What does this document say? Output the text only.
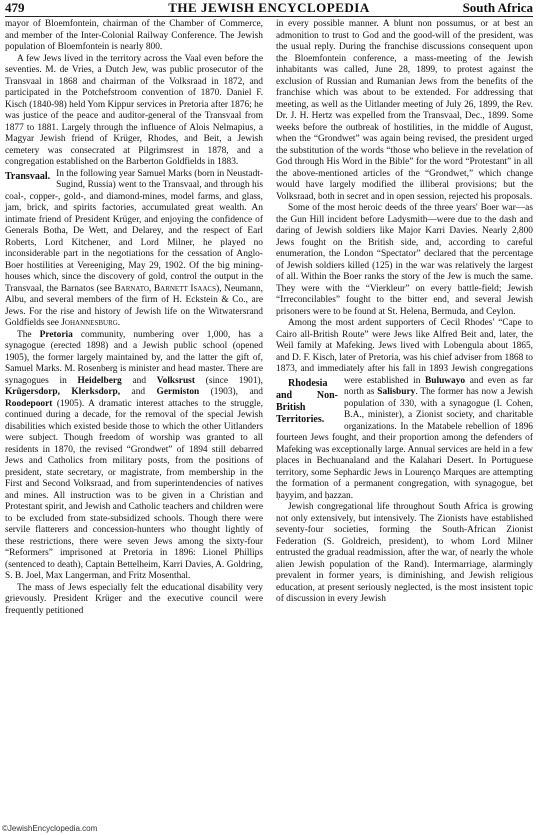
479	THE JEWISH ENCYCLOPEDIA	South Africa

mayor of Bloemfontein, chairman of the Chamber of Commerce, and member of the Inter-Colonial Railway Conference. The Jewish population of Bloemfontein is nearly 800.

A few Jews lived in the territory across the Vaal even before the seventies. M. de Vries, a Dutch Jew, was public prosecutor of the Transvaal in 1868 and chairman of the Volksraad in 1872, and participated in the Potchefstroom convention of 1870. Daniel F. Kisch (1840-98) held Yom Kippur services in Pretoria after 1876; he was justice of the peace and auditor-general of the Transvaal from 1877 to 1881. Largely through the influence of Alois Nelmapius, a Magyar Jewish friend of Krüger, Rhodes, and Beit, a Jewish cemetery was consecrated at Pilgrimsrest in 1878, and a congregation established on the Barberton Goldfields in 1883.

Transvaal. In the following year Samuel Marks (born in Neustadt-Sugind, Russia) went to the Transvaal, and through his coal-, copper-, gold-, and diamond-mines, model farms, and glass, jam, brick, and spirits factories, accumulated great wealth. An intimate friend of President Krüger, and enjoying the confidence of Generals Botha, De Wett, and Delarey, and the respect of Earl Roberts, Lord Kitchener, and Lord Milner, he played no inconsiderable part in the negotiations for the cessation of Anglo-Boer hostilities at Vereeniging, May 29, 1902. Of the big mining-houses which, since the discovery of gold, control the output in the Transvaal, the Barnatos (see Barnato, Barnett Isaacs), Neumann, Albu, and several members of the firm of H. Eckstein & Co., are Jews. For the rise and history of Jewish life on the Witwatersrand Goldfields see Johannesburg.

The Pretoria community, numbering over 1,000, has a synagogue (erected 1898) and a Jewish public school (opened 1905), the former largely maintained by, and the latter the gift of, Samuel Marks. M. Rosenberg is minister and head master. There are synagogues in Heidelberg and Volksrust (since 1901), Krügersdorp, Klerksdorp, and Germiston (1903), and Roodepoort (1905). A dramatic interest attaches to the struggle, continued during a decade, for the removal of the special Jewish disabilities which existed beside those to which the other Uitlanders were subject. Though freedom of worship was granted to all residents in 1870, the revised “Grondwet” of 1894 still debarred Jews and Catholics from military posts, from the positions of president, state secretary, or magistrate, from membership in the First and Second Volksraad, and from superintendencies of natives and mines. All instruction was to be given in a Christian and Protestant spirit, and Jewish and Catholic teachers and children were to be excluded from state-subsidized schools. Though there were servile flatterers and concession-hunters who thought lightly of these restrictions, there were seven Jews among the sixty-four “Reformers” imprisoned at Pretoria in 1896: Lionel Phillips (sentenced to death), Captain Bettelheim, Karri Davies, A. Goldring, S. B. Joel, Max Langerman, and Fritz Mosenthal.

The mass of Jews especially felt the educational disability very grievously. President Krüger and the executive council were frequently petitioned

in every possible manner. A blunt non possumus, or at best an admonition to trust to God and the good-will of the president, was the usual reply. During the franchise discussions consequent upon the Bloemfontein conference, a mass-meeting of the Jewish inhabitants was called, June 28, 1899, to protest against the exclusion of Russian and Rumanian Jews from the benefits of the franchise which was about to be extended. For addressing that meeting, as well as the Uitlander meeting of July 26, 1899, the Rev. Dr. J. H. Hertz was expelled from the Transvaal, Dec., 1899. Some weeks before the outbreak of hostilities, in the middle of August, when the “Grondwet” was again being revised, the president urged the substitution of the words “those who believe in the revelation of God through His Word in the Bible” for the word “Protestant” in all the above-mentioned articles of the “Grondwet,” which change would have largely modified the illiberal provisions; but the Volksraad, both in secret and in open session, rejected his proposals.

Some of the most heroic deeds of the three years' Boer war—as the Gun Hill incident before Ladysmith—were due to the dash and daring of Jewish soldiers like Major Karri Davies. Nearly 2,800 Jews fought on the British side, and, according to careful enumeration, the London “Spectator” declared that the percentage of Jewish soldiers killed (125) in the war was relatively the largest of all. Within the Boer ranks the story of the Jew is much the same. They were with the “Vierkleur” on every battle-field; Jewish “Irreconcilables” fought to the bitter end, and several Jewish prisoners were to be found at St. Helena, Bermuda, and Ceylon.

Among the most ardent supporters of Cecil Rhodes' “Cape to Cairo all-British Route” were Jews like Alfred Beit and, later, the Weil family at Mafeking. Jews lived with Lobengula about 1865, and D. F. Kisch, later of Pretoria, was his chief adviser from 1868 to 1873, and immediately after his fall in 1893 Jewish congregations were established in
Rhodesia and Non-British Territories.
Buluwayo and even as far north as Salisbury. The former has now a Jewish population of 330, with a synagogue (I. Cohen, B.A., minister), a Zionist society, and charitable organizations. In the Matabele rebellion of 1896 fourteen Jews fought, and their proportion among the defenders of Mafeking was exceptionally large. Annual services are held in a few places in Bechuanaland and the Kalahari Desert. In Portuguese territory, some Sephardic Jews in Lourenço Marques are attempting the formation of a permanent congregation, with synagogue, bet ḥayyim, and ḥazzan.

Jewish congregational life throughout South Africa is growing not only extensively, but intensively. The Zionists have established seventy-four societies, forming the South-African Zionist Federation (S. Goldreich, president), to whom Lord Milner entrusted the gradual readmission, after the war, of nearly the whole alien Jewish population of the Rand). Intermarriage, alarmingly prevalent in former years, is diminishing, and Jewish religious education, at present seriously neglected, is the most insistent topic of discussion in every Jewish

©JewishEncyclopedia.com
